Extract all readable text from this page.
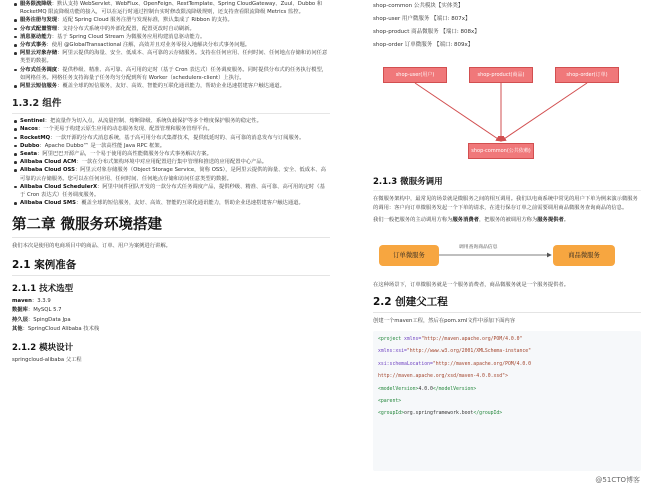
服务限流降级：默认支持 WebServlet、WebFlux、OpenFeign、RestTemplate、Spring CloudGateway、Zuul、Dubbo 和 RocketMQ 限流降级功能的接入，可以在运行时通过控制台实时修改限流降级规则，还支持查看限流降级 Metrics 监控。
服务注册与发现：适配 Spring Cloud 服务注册与发现标准，默认集成了 Ribbon 的支持。
分布式配置管理：支持分布式系统中的外部化配置，配置更改时自动刷新。
消息驱动能力：基于 Spring Cloud Stream 为微服务应用构建消息驱动能力。
分布式事务：使用 @GlobalTransactional 注解，高效并且对业务零侵入地解决分布式事务问题。
阿里云对象存储：阿里云提供的海量、安全、低成本、高可靠的云存储服务。支持在任何应用、任何时间、任何地点存储和访问任意类型的数据。
分布式任务调度：提供秒级、精准、高可靠、高可用的定时（基于 Cron 表达式）任务调度服务。同时提供分布式的任务执行模型，如网格任务。网格任务支持海量子任务均匀分配到所有 Worker（schedulerx-client）上执行。
阿里云短信服务：覆盖全球的短信服务，友好、高效、智能的互联化通讯能力，帮助企业迅速搭建客户触达通道。
1.3.2 组件
Sentinel：把流量作为切入点，从流量控制、熔断降级、系统负载保护等多个维度保护服务的稳定性。
Nacos：一个更易于构建云原生应用的动态服务发现、配置管理和服务管理平台。
RocketMQ：一款开源的分布式消息系统，基于高可用分布式集群技术，提供低延时的、高可靠的消息发布与订阅服务。
Dubbo：Apache Dubbo™ 是一款高性能 Java RPC 框架。
Seata：阿里巴巴开源产品，一个易于使用的高性能微服务分布式事务解决方案。
Alibaba Cloud ACM：一款在分布式架构环境中对应用配置进行集中管理和推送的应用配置中心产品。
Alibaba Cloud OSS：阿里云对象存储服务（Object Storage Service，简称 OSS），是阿里云提供的海量、安全、低成本、高可靠的云存储服务。您可以在任何应用、任何时间、任何地点存储和访问任意类型的数据。
Alibaba Cloud SchedulerX：阿里中间件团队开发的一款分布式任务调度产品，提供秒级、精准、高可靠、高可用的定时（基于 Cron 表达式）任务调度服务。
Alibaba Cloud SMS：覆盖全球的短信服务，友好、高效、智能的互联化通讯能力，帮助企业迅速搭建客户触达通道。
第二章 微服务环境搭建

我们本次是使用的电商项目中的商品、订单、用户为案例进行讲解。

2.1 案例准备
2.1.1 技术选型

maven：3.3.9

数据库：MySQL 5.7

持久层：SpingData Jpa

其他：SpringCloud Alibaba 技术栈

2.1.2 模块设计

springcloud-alibaba 父工程

shop-common 公共模块【实体类】
shop-user 用户微服务 【端口: 807x】
shop-product 商品微服务 【端口: 808x】
shop-order 订单微服务 【端口: 809x】
shop-user(用户)	shop-product(商品)	shop-order(订单)
shop-common(公共依赖)
2.1.3 微服务调用

在微服务架构中，最常见的场景就是微服务之间的相互调用。我们以电商系统中常见的用户下单为例来演示微服务的调用：客户向订单微服务发起一个下单的请求，在进行保存订单之前需要调用商品微服务查询商品的信息。

我们一般把服务的主动调用方称为服务消费者，把服务的被调用方称为服务提供者。

订单微服务
调用查询商品信息
商品微服务

在这种场景下，订单微服务就是一个服务消费者，商品微服务就是一个服务提供者。

2.2 创建父工程

创建一个maven工程，然后在pom.xml文件中添加下面内容

<project xmlns="http://maven.apache.org/POM/4.0.0"
xmlns:xsi="http://www.w3.org/2001/XMLSchema-instance"
xsi:schemaLocation="http://maven.apache.org/POM/4.0.0
http://maven.apache.org/xsd/maven-4.0.0.xsd">
<modelVersion>4.0.0</modelVersion>
<parent>
<groupId>org.springframework.boot</groupId>
@51CTO博客
